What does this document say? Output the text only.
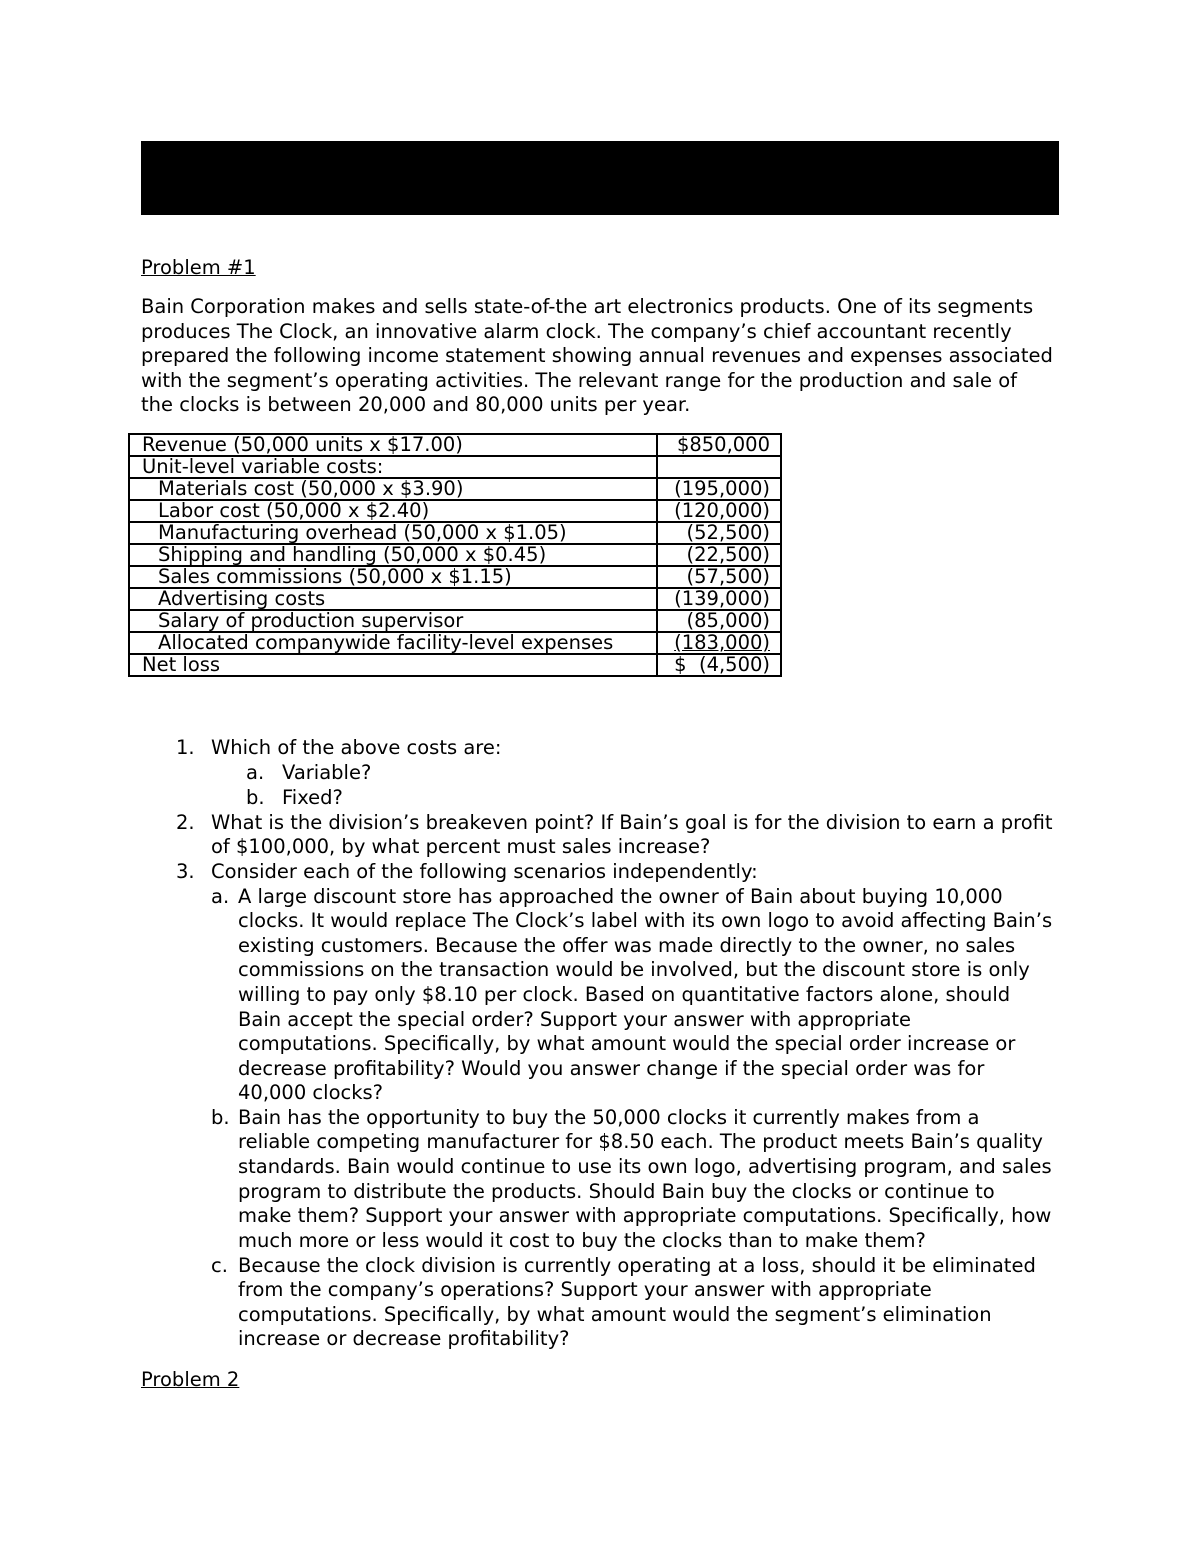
ACCT 2003
Final Exam
Practice Packet #2
Problem #1
Bain Corporation makes and sells state-of-the art electronics products. One of its segments
produces The Clock, an innovative alarm clock. The company’s chief accountant recently
prepared the following income statement showing annual revenues and expenses associated
with the segment’s operating activities. The relevant range for the production and sale of
the clocks is between 20,000 and 80,000 units per year.
Revenue (50,000 units x $17.00)	$850,000
Unit-level variable costs:	
Materials cost (50,000 x $3.90)	(195,000)
Labor cost (50,000 x $2.40)	(120,000)
Manufacturing overhead (50,000 x $1.05)	(52,500)
Shipping and handling (50,000 x $0.45)	(22,500)
Sales commissions (50,000 x $1.15)	(57,500)
Advertising costs	(139,000)
Salary of production supervisor	(85,000)
Allocated companywide facility-level expenses	(183,000)
Net loss	$  (4,500)
1. Which of the above costs are:
a. Variable?
b. Fixed?
2. What is the division’s breakeven point? If Bain’s goal is for the division to earn a profit
of $100,000, by what percent must sales increase?
3. Consider each of the following scenarios independently:
a. A large discount store has approached the owner of Bain about buying 10,000
clocks. It would replace The Clock’s label with its own logo to avoid affecting Bain’s
existing customers. Because the offer was made directly to the owner, no sales
commissions on the transaction would be involved, but the discount store is only
willing to pay only $8.10 per clock. Based on quantitative factors alone, should
Bain accept the special order? Support your answer with appropriate
computations. Specifically, by what amount would the special order increase or
decrease profitability? Would you answer change if the special order was for
40,000 clocks?
b. Bain has the opportunity to buy the 50,000 clocks it currently makes from a
reliable competing manufacturer for $8.50 each. The product meets Bain’s quality
standards. Bain would continue to use its own logo, advertising program, and sales
program to distribute the products. Should Bain buy the clocks or continue to
make them? Support your answer with appropriate computations. Specifically, how
much more or less would it cost to buy the clocks than to make them?
c. Because the clock division is currently operating at a loss, should it be eliminated
from the company’s operations? Support your answer with appropriate
computations. Specifically, by what amount would the segment’s elimination
increase or decrease profitability?
Problem 2
